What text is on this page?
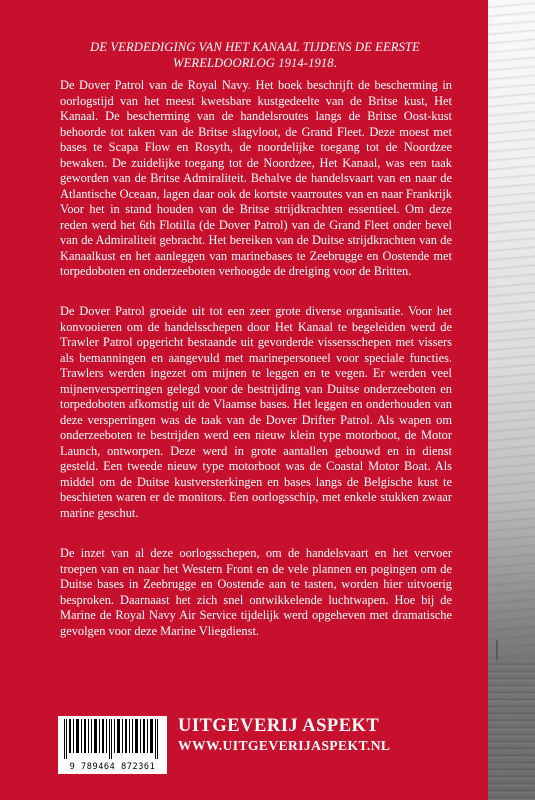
DE VERDEDIGING VAN HET KANAAL TIJDENS DE EERSTE WERELDOORLOG 1914-1918.

De Dover Patrol van de Royal Navy. Het boek beschrijft de bescherming in oorlogstijd van het meest kwetsbare kustgedeelte van de Britse kust, Het Kanaal. De bescherming van de handelsroutes langs de Britse Oost-kust behoorde tot taken van de Britse slagvloot, de Grand Fleet. Deze moest met bases te Scapa Flow en Rosyth, de noordelijke toegang tot de Noordzee bewaken. De zuidelijke toegang tot de Noordzee, Het Kanaal, was een taak geworden van de Britse Admiraliteit. Behalve de handelsvaart van en naar de Atlantische Oceaan, lagen daar ook de kortste vaarroutes van en naar Frankrijk Voor het in stand houden van de Britse strijdkrachten essentieel. Om deze reden werd het 6th Flotilla (de Dover Patrol) van de Grand Fleet onder bevel van de Admiraliteit gebracht. Het bereiken van de Duitse strijdkrachten van de Kanaalkust en het aanleggen van marinebases te Zeebrugge en Oostende met torpedoboten en onderzeeboten verhoogde de dreiging voor de Britten.

De Dover Patrol groeide uit tot een zeer grote diverse organisatie. Voor het konvooieren om de handelsschepen door Het Kanaal te begeleiden werd de Trawler Patrol opgericht bestaande uit gevorderde vissersschepen met vissers als bemanningen en aangevuld met marinepersoneel voor speciale functies. Trawlers werden ingezet om mijnen te leggen en te vegen. Er werden veel mijnenversperringen gelegd voor de bestrijding van Duitse onderzeeboten en torpedoboten afkomstig uit de Vlaamse bases. Het leggen en onderhouden van deze versperringen was de taak van de Dover Drifter Patrol. Als wapen om onderzeeboten te bestrijden werd een nieuw klein type motorboot, de Motor Launch, ontworpen. Deze werd in grote aantallen gebouwd en in dienst gesteld. Een tweede nieuw type motorboot was de Coastal Motor Boat. Als middel om de Duitse kustversterkingen en bases langs de Belgische kust te beschieten waren er de monitors. Een oorlogsschip, met enkele stukken zwaar marine geschut.

De inzet van al deze oorlogsschepen, om de handelsvaart en het vervoer troepen van en naar het Western Front en de vele plannen en pogingen om de Duitse bases in Zeebrugge en Oostende aan te tasten, worden hier uitvoerig besproken. Daarnaast het zich snel ontwikkelende luchtwapen. Hoe bij de Marine de Royal Navy Air Service tijdelijk werd opgeheven met dramatische gevolgen voor deze Marine Vliegdienst.

9 789464 872361
UITGEVERIJ ASPEKT
WWW.UITGEVERIJASPEKT.NL
